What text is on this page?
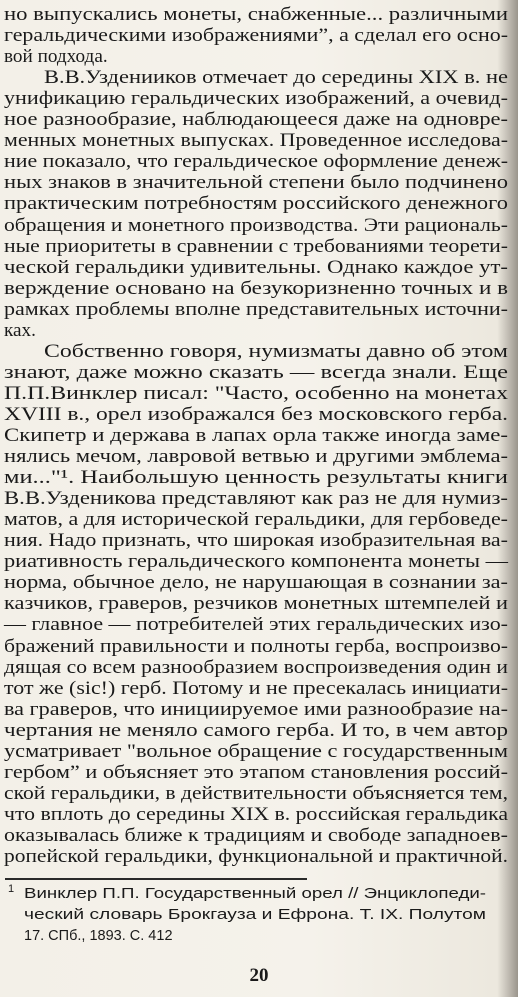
но выпускались монеты, снабженные... различными
геральдическими изображениями”, а сделал его осно-
вой подхода.
В.В.Узденииков отмечает до середины XIX в. не
унификацию геральдических изображений, а очевид-
ное разнообразие, наблюдающееся даже на одновре-
менных монетных выпусках. Проведенное исследова-
ние показало, что геральдическое оформление денеж-
ных знаков в значительной степени было подчинено
практическим потребностям российского денежного
обращения и монетного производства. Эти рациональ-
ные приоритеты в сравнении с требованиями теорети-
ческой геральдики удивительны. Однако каждое ут-
верждение основано на безукоризненно точных и в
рамках проблемы вполне представительных источни-
ках.
Собственно говоря, нумизматы давно об этом
знают, даже можно сказать — всегда знали. Еще
П.П.Винклер писал: "Часто, особенно на монетах
XVIII в., орел изображался без московского герба.
Скипетр и держава в лапах орла также иногда заме-
нялись мечом, лавровой ветвью и другими эмблема-
ми..."¹. Наибольшую ценность результаты книги
В.В.Узденикова представляют как раз не для нумиз-
матов, а для исторической геральдики, для гербоведе-
ния. Надо признать, что широкая изобразительная ва-
риативность геральдического компонента монеты —
норма, обычное дело, не нарушающая в сознании за-
казчиков, граверов, резчиков монетных штемпелей и
— главное — потребителей этих геральдических изо-
бражений правильности и полноты герба, воспроизво-
дящая со всем разнообразием воспроизведения один и
тот же (sic!) герб. Потому и не пресекалась инициати-
ва граверов, что инициируемое ими разнообразие на-
чертания не меняло самого герба. И то, в чем автор
усматривает "вольное обращение с государственным
гербом” и объясняет это этапом становления россий-
ской геральдики, в действительности объясняется тем,
что вплоть до середины XIX в. российская геральдика
оказывалась ближе к традициям и свободе западноев-
ропейской геральдики, функциональной и практичной.
1 Винклер П.П. Государственный орел // Энциклопеди-
ческий словарь Брокгауза и Ефрона. Т. IX. Полутом
17. СПб., 1893. С. 412
20
